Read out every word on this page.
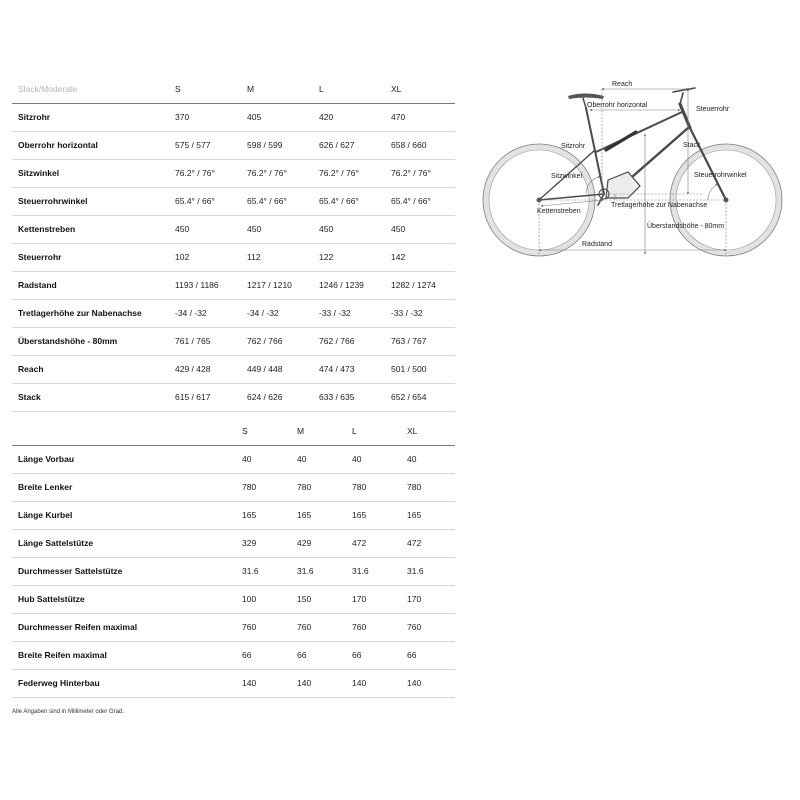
Slack/Moderate	S	M	L	XL
Sitzrohr	370	405	420	470
Oberrohr horizontal	575 / 577	598 / 599	626 / 627	658 / 660
Sitzwinkel	76.2° / 76°	76.2° / 76°	76.2° / 76°	76.2° / 76°
Steuerrohrwinkel	65.4° / 66°	65.4° / 66°	65.4° / 66°	65.4° / 66°
Kettenstreben	450	450	450	450
Steuerrohr	102	112	122	142
Radstand	1193 / 1186	1217 / 1210	1246 / 1239	1282 / 1274
Tretlagerhöhe zur Nabenachse	-34 / -32	-34 / -32	-33 / -32	-33 / -32
Überstandshöhe - 80mm	761 / 765	762 / 766	762 / 766	763 / 767
Reach	429 / 428	449 / 448	474 / 473	501 / 500
Stack	615 / 617	624 / 626	633 / 635	652 / 654
S	M	L	XL
Länge Vorbau	40	40	40	40
Breite Lenker	780	780	780	780
Länge Kurbel	165	165	165	165
Länge Sattelstütze	329	429	472	472
Durchmesser Sattelstütze	31.6	31.6	31.6	31.6
Hub Sattelstütze	100	150	170	170
Durchmesser Reifen maximal	760	760	760	760
Breite Reifen maximal	66	66	66	66
Federweg Hinterbau	140	140	140	140
Alle Angaben sind in Millimeter oder Grad.
Reach
Oberrohr horizontal
Steuerrohr
Sitzrohr	Stack
Sitzwinkel	Steuerrohrwinkel
Kettenstreben
Tretlagerhöhe zur Nabenachse
Überstandshöhe - 80mm
Radstand
